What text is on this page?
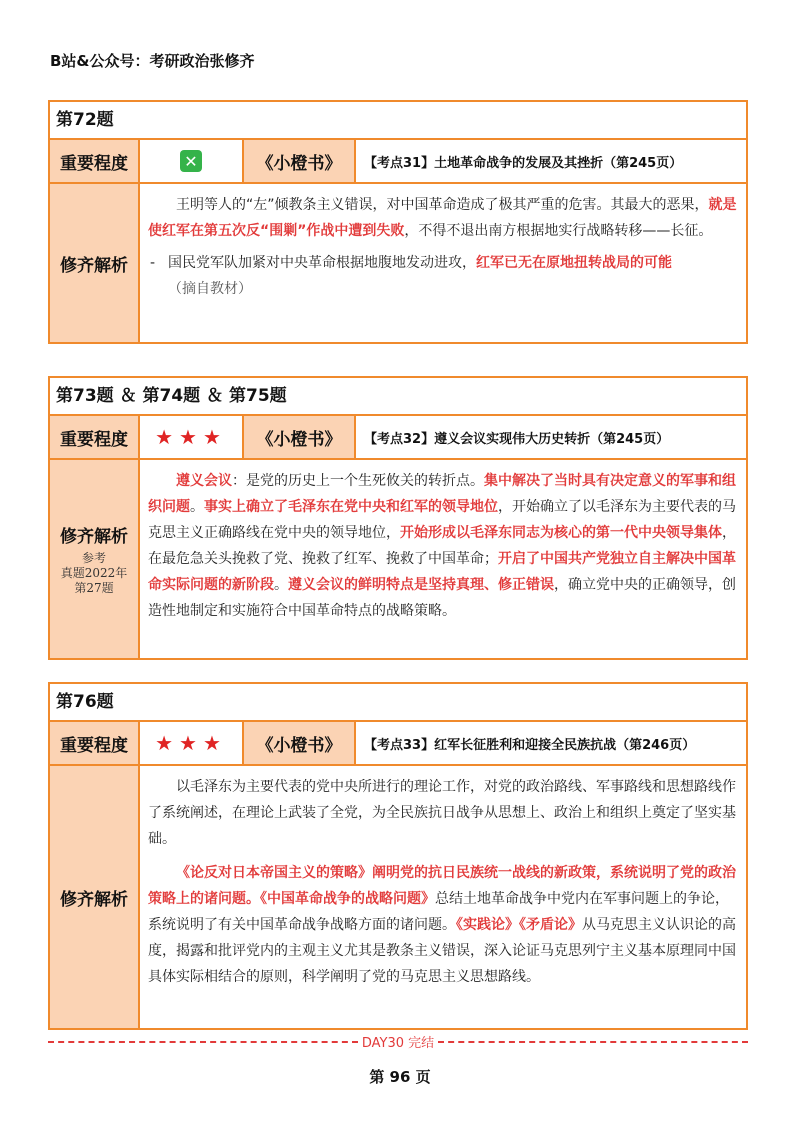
B站&公众号：考研政治张修齐
第72题
重要程度	✕	《小橙书》	【考点31】土地革命战争的发展及其挫折（第245页）
修齐解析

王明等人的“左”倾教条主义错误，对中国革命造成了极其严重的危害。其最大的恶果，就是使红军在第五次反“围剿”作战中遭到失败，不得不退出南方根据地实行战略转移——长征。

- 国民党军队加紧对中央革命根据地腹地发动进攻，红军已无在原地扭转战局的可能
（摘自教材）
第73题 ＆ 第74题 ＆ 第75题
重要程度	★★★	《小橙书》	【考点32】遵义会议实现伟大历史转折（第245页）
修齐解析
参考
真题2022年
第27题

遵义会议：是党的历史上一个生死攸关的转折点。集中解决了当时具有决定意义的军事和组织问题。事实上确立了毛泽东在党中央和红军的领导地位，开始确立了以毛泽东为主要代表的马克思主义正确路线在党中央的领导地位，开始形成以毛泽东同志为核心的第一代中央领导集体，在最危急关头挽救了党、挽救了红军、挽救了中国革命；开启了中国共产党独立自主解决中国革命实际问题的新阶段。遵义会议的鲜明特点是坚持真理、修正错误，确立党中央的正确领导，创造性地制定和实施符合中国革命特点的战略策略。

第76题
重要程度	★★★	《小橙书》	【考点33】红军长征胜利和迎接全民族抗战（第246页）
修齐解析

以毛泽东为主要代表的党中央所进行的理论工作，对党的政治路线、军事路线和思想路线作了系统阐述，在理论上武装了全党，为全民族抗日战争从思想上、政治上和组织上奠定了坚实基础。

《论反对日本帝国主义的策略》阐明党的抗日民族统一战线的新政策，系统说明了党的政治策略上的诸问题。《中国革命战争的战略问题》总结土地革命战争中党内在军事问题上的争论，系统说明了有关中国革命战争战略方面的诸问题。《实践论》《矛盾论》从马克思主义认识论的高度，揭露和批评党内的主观主义尤其是教条主义错误，深入论证马克思列宁主义基本原理同中国具体实际相结合的原则，科学阐明了党的马克思主义思想路线。

DAY30 完结
第 96 页
